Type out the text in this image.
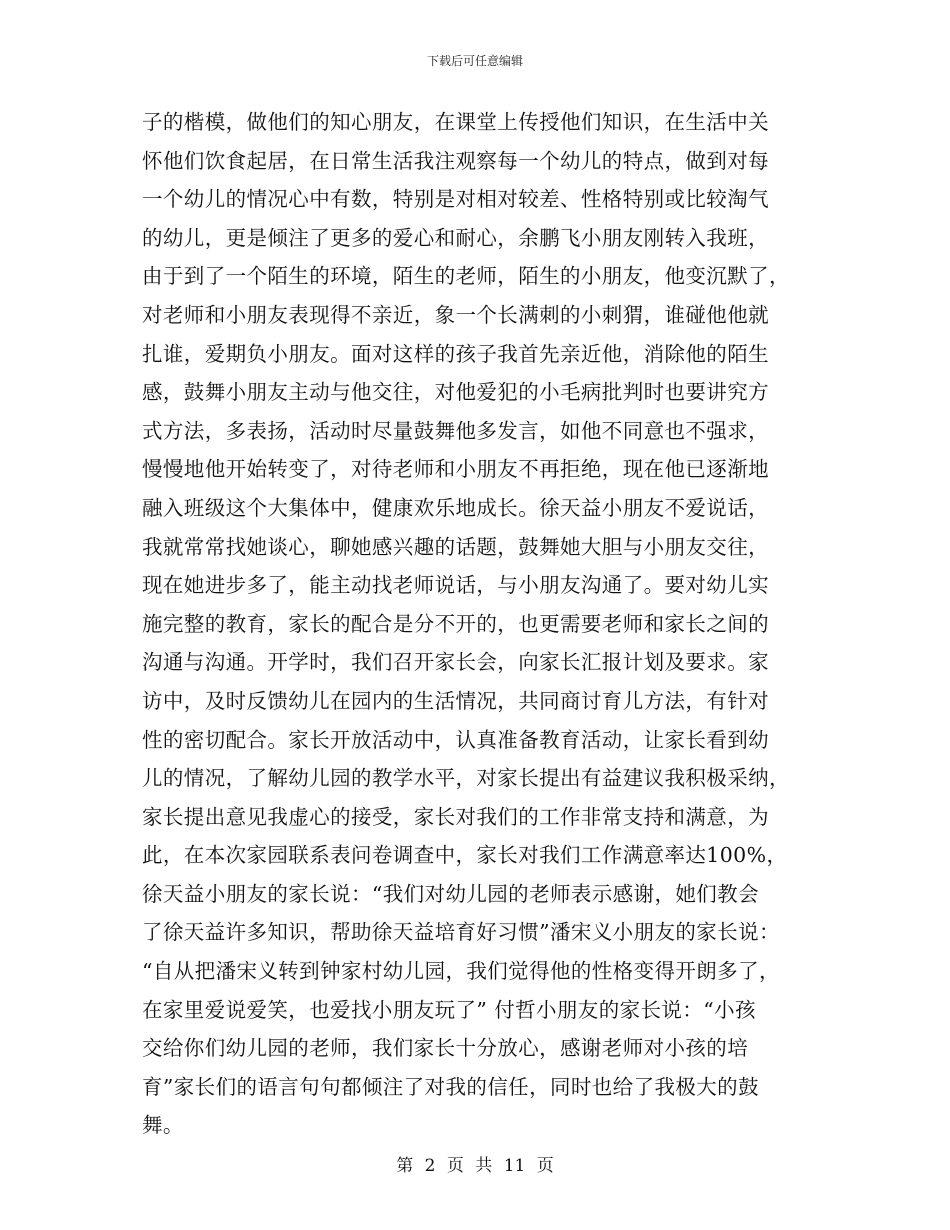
下载后可任意编辑
子的楷模，做他们的知心朋友，在课堂上传授他们知识，在生活中关
怀他们饮食起居，在日常生活我注观察每一个幼儿的特点，做到对每
一个幼儿的情况心中有数，特别是对相对较差、性格特别或比较淘气
的幼儿，更是倾注了更多的爱心和耐心，余鹏飞小朋友刚转入我班，
由于到了一个陌生的环境，陌生的老师，陌生的小朋友，他变沉默了，
对老师和小朋友表现得不亲近，象一个长满刺的小刺猬，谁碰他他就
扎谁，爱期负小朋友。面对这样的孩子我首先亲近他，消除他的陌生
感，鼓舞小朋友主动与他交往，对他爱犯的小毛病批判时也要讲究方
式方法，多表扬，活动时尽量鼓舞他多发言，如他不同意也不强求，
慢慢地他开始转变了，对待老师和小朋友不再拒绝，现在他已逐渐地
融入班级这个大集体中，健康欢乐地成长。徐天益小朋友不爱说话，
我就常常找她谈心，聊她感兴趣的话题，鼓舞她大胆与小朋友交往，
现在她进步多了，能主动找老师说话，与小朋友沟通了。要对幼儿实
施完整的教育，家长的配合是分不开的，也更需要老师和家长之间的
沟通与沟通。开学时，我们召开家长会，向家长汇报计划及要求。家
访中，及时反馈幼儿在园内的生活情况，共同商讨育儿方法，有针对
性的密切配合。家长开放活动中，认真准备教育活动，让家长看到幼
儿的情况，了解幼儿园的教学水平，对家长提出有益建议我积极采纳，
家长提出意见我虚心的接受，家长对我们的工作非常支持和满意，为
此，在本次家园联系表问卷调查中，家长对我们工作满意率达100%，
徐天益小朋友的家长说：“我们对幼儿园的老师表示感谢，她们教会
了徐天益许多知识，帮助徐天益培育好习惯”潘宋义小朋友的家长说：
“自从把潘宋义转到钟家村幼儿园，我们觉得他的性格变得开朗多了，
在家里爱说爱笑，也爱找小朋友玩了” 付哲小朋友的家长说：“小孩
交给你们幼儿园的老师，我们家长十分放心，感谢老师对小孩的培
育”家长们的语言句句都倾注了对我的信任，同时也给了我极大的鼓
舞。
第 2 页 共 11 页
